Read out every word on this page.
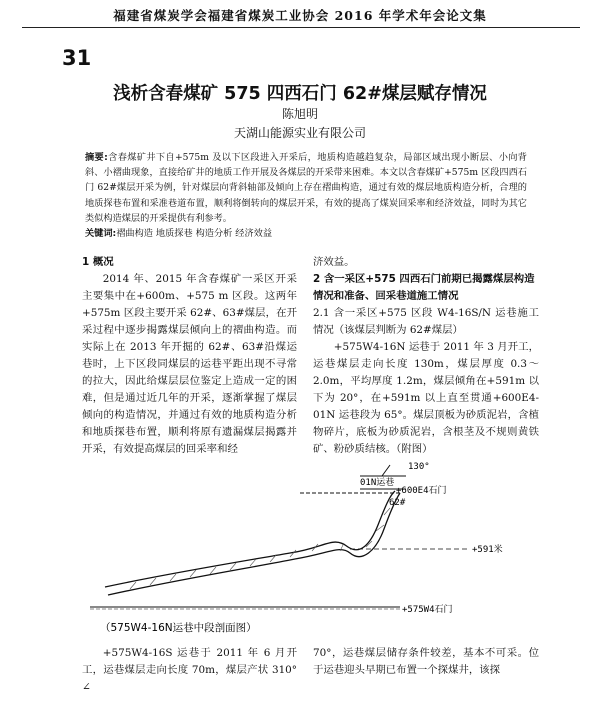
福建省煤炭学会福建省煤炭工业协会 2016 年学术年会论文集
31
浅析含春煤矿 575 四西石门 62#煤层赋存情况
陈旭明
天湖山能源实业有限公司
摘要:含春煤矿井下自+575m 及以下区段进入开采后，地质构造越趋复杂，局部区域出现小断层、小向背斜、小褶曲现象，直接给矿井的地质工作开展及各煤层的开采带来困难。本文以含春煤矿+575m 区段四西石门 62#煤层开采为例，针对煤层向背斜轴部及倾向上存在褶曲构造，通过有效的煤层地质构造分析，合理的地质探巷布置和采准巷道布置，顺利将倒转向的煤层开采，有效的提高了煤炭回采率和经济效益，同时为其它类似构造煤层的开采提供有利参考。
关键词:褶曲构造 地质探巷 构造分析 经济效益
1 概况

2014 年、2015 年含春煤矿一采区开采主要集中在+600m、+575 m 区段。这两年+575m 区段主要开采 62#、63#煤层，在开采过程中逐步揭露煤层倾向上的褶曲构造。而实际上在 2013 年开掘的 62#、63#沿煤运巷时，上下区段同煤层的运巷平距出现不寻常的拉大，因此给煤层层位鉴定上造成一定的困难，但是通过近几年的开采，逐渐掌握了煤层倾向的构造情况，并通过有效的地质构造分析和地质探巷布置，顺利将原有遗漏煤层揭露并开采，有效提高煤层的回采率和经

济效益。

2 含一采区+575 四西石门前期已揭露煤层构造情况和准备、回采巷道施工情况

2.1 含一采区+575 区段 W4-16S/N 运巷施工情况（该煤层判断为 62#煤层）

+575W4-16N 运巷于 2011 年 3 月开工，运巷煤层走向长度 130m，煤层厚度 0.3～2.0m，平均厚度 1.2m，煤层倾角在+591m 以下为 20°，在+591m 以上直至贯通+600E4-01N 运巷段为 65°。煤层顶板为砂质泥岩，含植物碎片，底板为砂质泥岩，含根茎及不规则黄铁矿、粉砂质结核。（附图）

130°
01N运巷
+600E4石门
62#
+591米
+575W4石门
（575W4-16N运巷中段剖面图）

+575W4-16S 运巷于 2011 年 6 月开工，运巷煤层走向长度 70m，煤层产状 310° ∠

70°，运巷煤层储存条件较差，基本不可采。位于运巷迎头早期已布置一个探煤井，该探
